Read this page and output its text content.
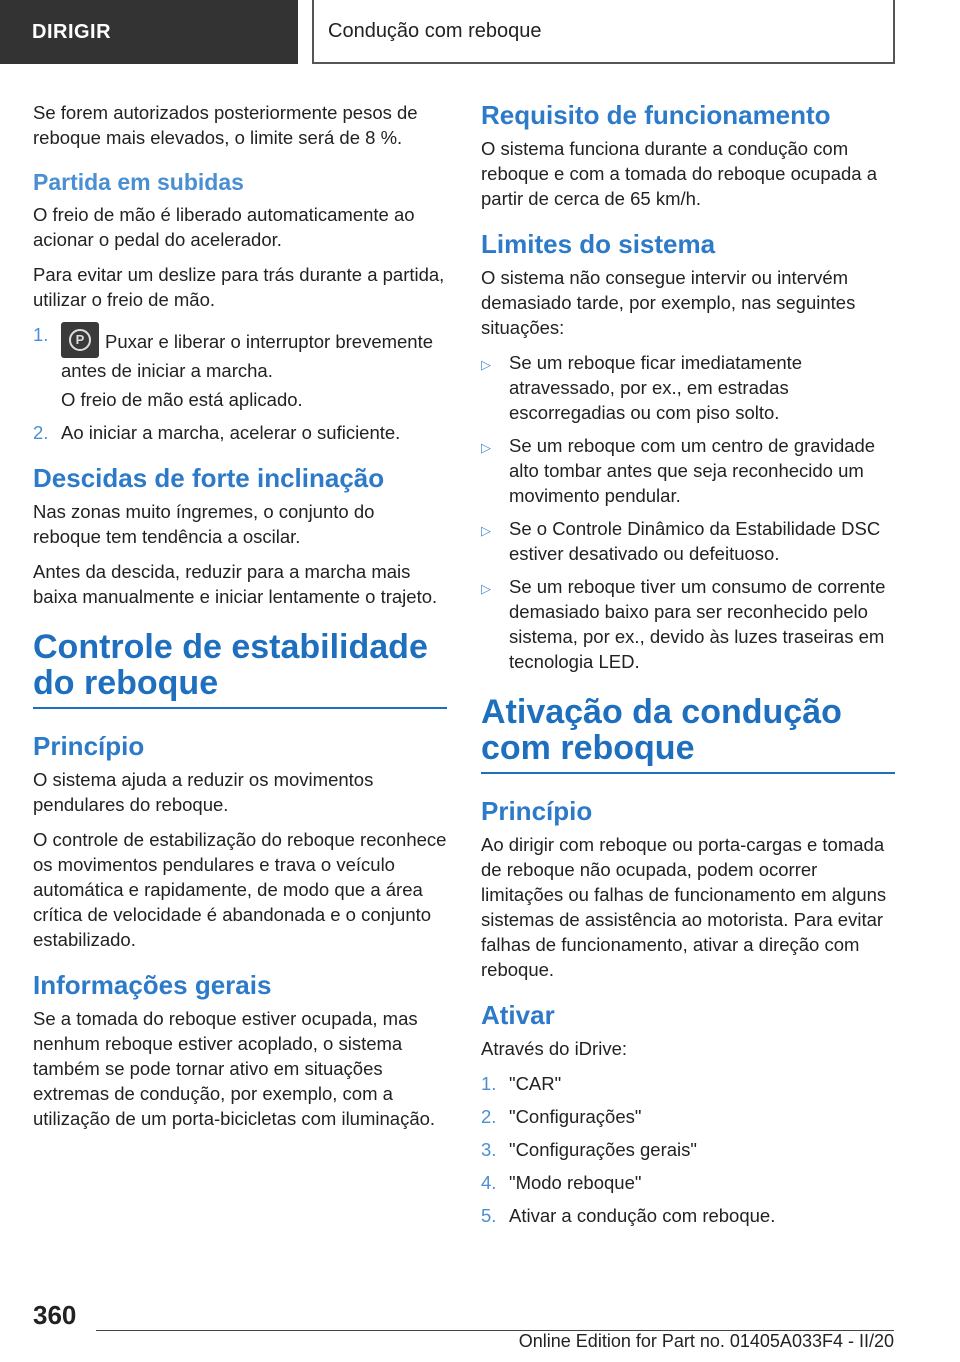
DIRIGIR	Condução com reboque

Se forem autorizados posteriormente pesos de reboque mais elevados, o limite será de 8 %.

Partida em subidas

O freio de mão é liberado automaticamente ao acionar o pedal do acelerador.

Para evitar um deslize para trás durante a partida, utilizar o freio de mão.

1.	P	Puxar e liberar o interruptor brevemente antes de iniciar a marcha.

O freio de mão está aplicado.

2. Ao iniciar a marcha, acelerar o suficiente.
Descidas de forte inclinação

Nas zonas muito íngremes, o conjunto do reboque tem tendência a oscilar.

Antes da descida, reduzir para a marcha mais baixa manualmente e iniciar lentamente o trajeto.

Controle de estabilidade do reboque
Princípio

O sistema ajuda a reduzir os movimentos pendulares do reboque.

O controle de estabilização do reboque reconhece os movimentos pendulares e trava o veículo automática e rapidamente, de modo que a área crítica de velocidade é abandonada e o conjunto estabilizado.

Informações gerais

Se a tomada do reboque estiver ocupada, mas nenhum reboque estiver acoplado, o sistema também se pode tornar ativo em situações extremas de condução, por exemplo, com a utilização de um porta-bicicletas com iluminação.

Requisito de funcionamento

O sistema funciona durante a condução com reboque e com a tomada do reboque ocupada a partir de cerca de 65 km/h.

Limites do sistema

O sistema não consegue intervir ou intervém demasiado tarde, por exemplo, nas seguintes situações:

▷ Se um reboque ficar imediatamente atravessado, por ex., em estradas escorregadias ou com piso solto.
▷ Se um reboque com um centro de gravidade alto tombar antes que seja reconhecido um movimento pendular.
▷ Se o Controle Dinâmico da Estabilidade DSC estiver desativado ou defeituoso.
▷ Se um reboque tiver um consumo de corrente demasiado baixo para ser reconhecido pelo sistema, por ex., devido às luzes traseiras em tecnologia LED.
Ativação da condução com reboque
Princípio

Ao dirigir com reboque ou porta-cargas e tomada de reboque não ocupada, podem ocorrer limitações ou falhas de funcionamento em alguns sistemas de assistência ao motorista. Para evitar falhas de funcionamento, ativar a direção com reboque.

Ativar

Através do iDrive:

1. "CAR"
2. "Configurações"
3. "Configurações gerais"
4. "Modo reboque"
5. Ativar a condução com reboque.
360
Online Edition for Part no. 01405A033F4 - II/20
